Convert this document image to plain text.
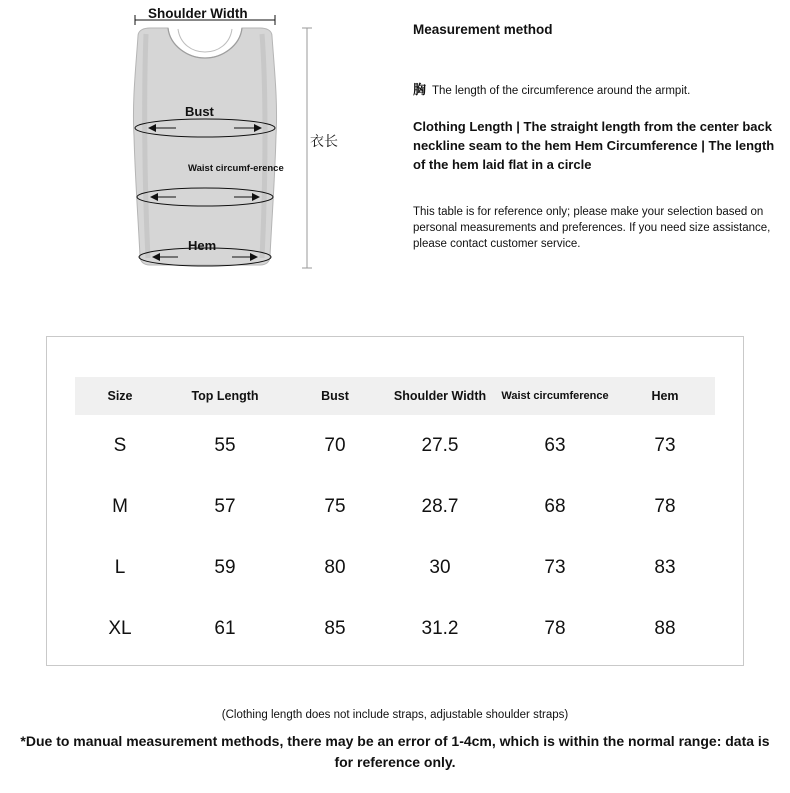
Shoulder Width
Bust
Waist circumf-erence
Hem
衣长

Measurement method

胸 The length of the circumference around the armpit.

Clothing Length | The straight length from the center back neckline seam to the hem Hem Circumference | The length of the hem laid flat in a circle

This table is for reference only; please make your selection based on personal measurements and preferences. If you need size assistance, please contact customer service.

Size	Top Length	Bust	Shoulder Width	Waist circumference	Hem
S	55	70	27.5	63	73
M	57	75	28.7	68	78
L	59	80	30	73	83
XL	61	85	31.2	78	88
(Clothing length does not include straps, adjustable shoulder straps)
*Due to manual measurement methods, there may be an error of 1-4cm, which is within the normal range: data is for reference only.
